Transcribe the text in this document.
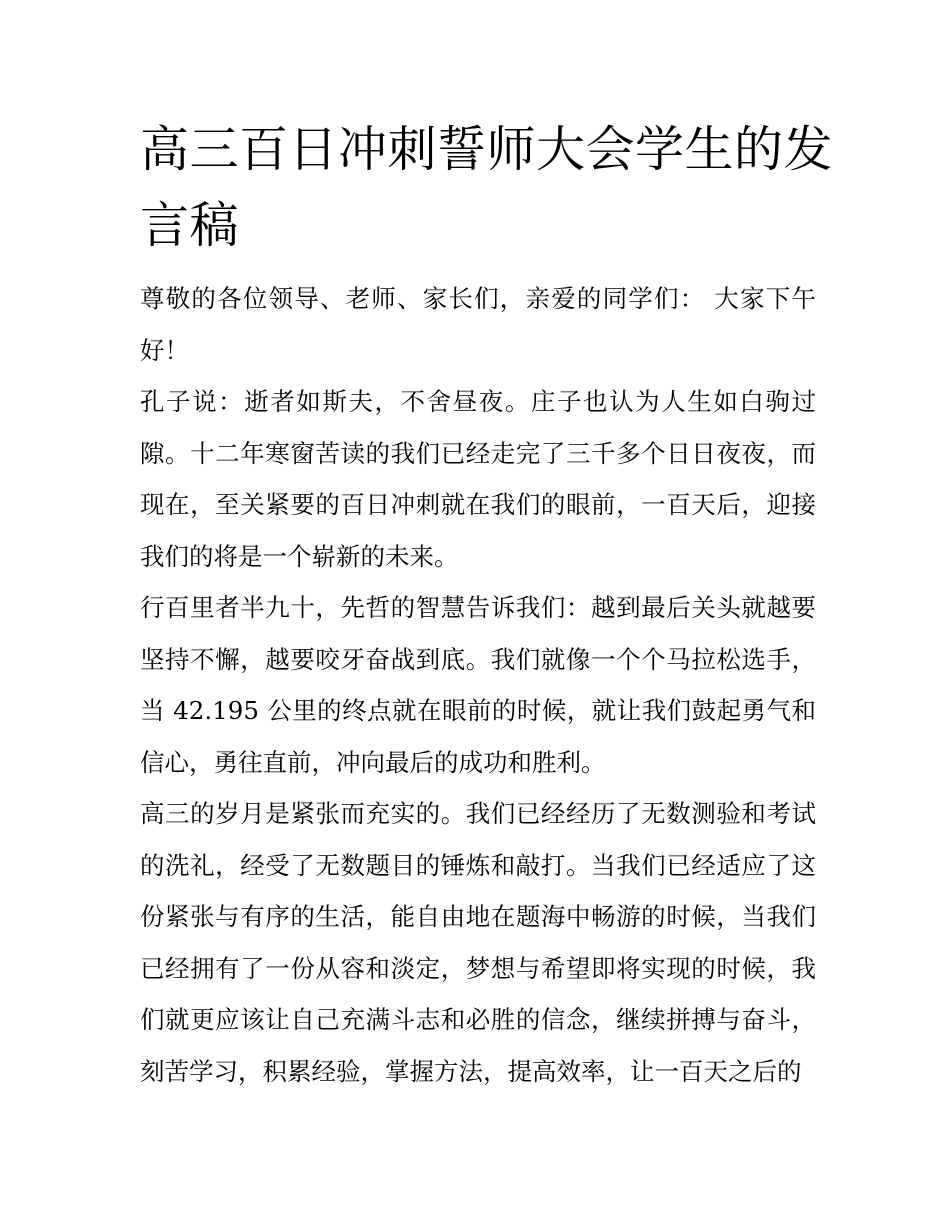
高三百日冲刺誓师大会学生的发言稿

尊敬的各位领导、老师、家长们，亲爱的同学们： 大家下午好！

孔子说：逝者如斯夫，不舍昼夜。庄子也认为人生如白驹过隙。十二年寒窗苦读的我们已经走完了三千多个日日夜夜，而现在，至关紧要的百日冲刺就在我们的眼前，一百天后，迎接我们的将是一个崭新的未来。

行百里者半九十，先哲的智慧告诉我们：越到最后关头就越要坚持不懈，越要咬牙奋战到底。我们就像一个个马拉松选手，当 42.195 公里的终点就在眼前的时候，就让我们鼓起勇气和信心，勇往直前，冲向最后的成功和胜利。

高三的岁月是紧张而充实的。我们已经经历了无数测验和考试的洗礼，经受了无数题目的锤炼和敲打。当我们已经适应了这份紧张与有序的生活，能自由地在题海中畅游的时候，当我们已经拥有了一份从容和淡定，梦想与希望即将实现的时候，我们就更应该让自己充满斗志和必胜的信念，继续拼搏与奋斗，刻苦学习，积累经验，掌握方法，提高效率，让一百天之后的
